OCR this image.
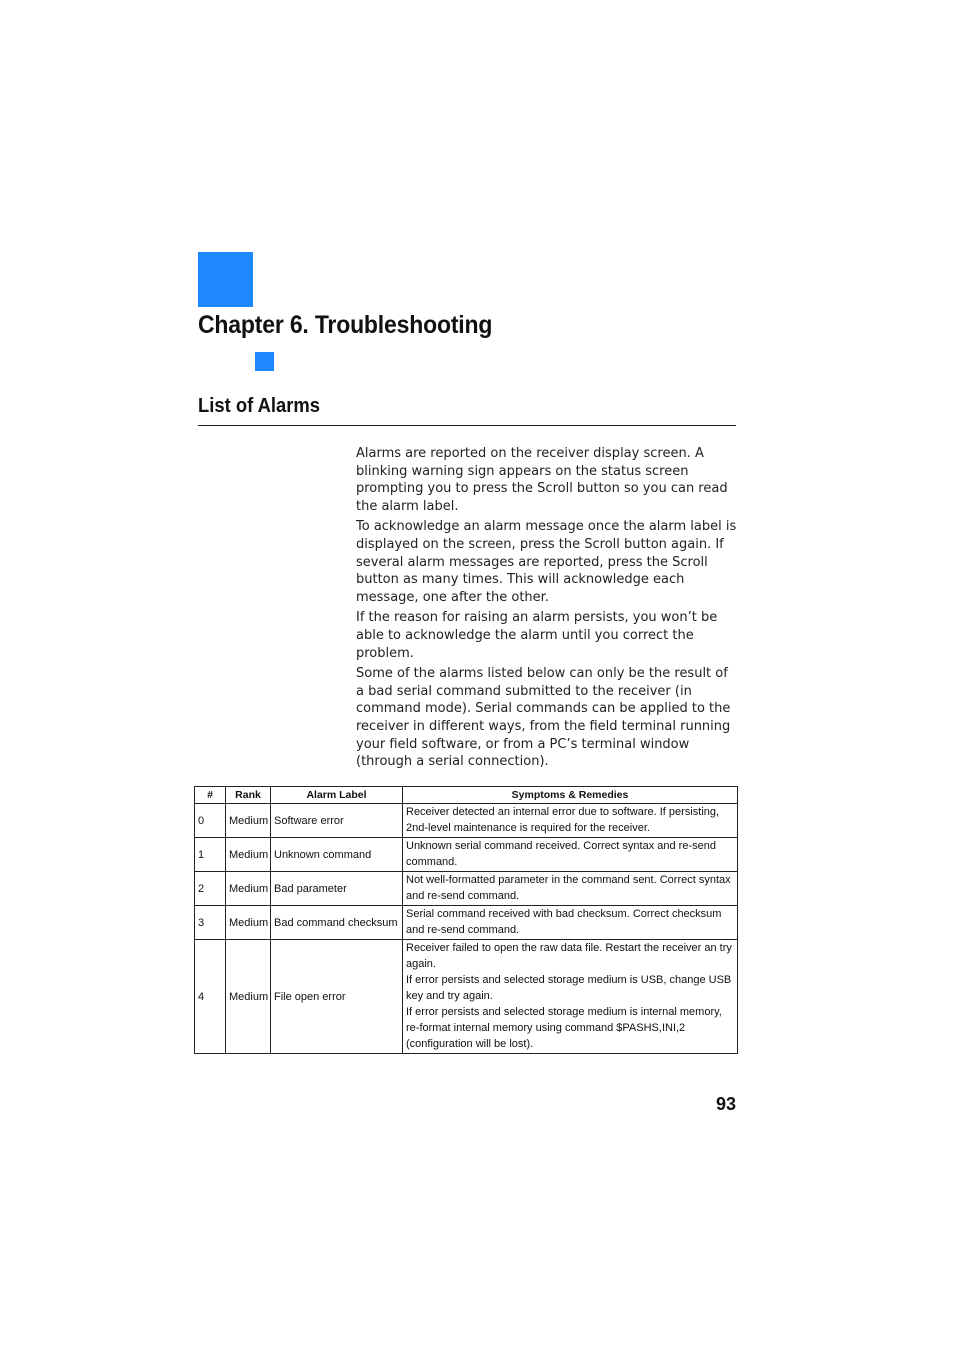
Chapter 6. Troubleshooting
List of Alarms

Alarms are reported on the receiver display screen. A blinking warning sign appears on the status screen prompting you to press the Scroll button so you can read the alarm label.

To acknowledge an alarm message once the alarm label is displayed on the screen, press the Scroll button again. If several alarm messages are reported, press the Scroll button as many times. This will acknowledge each message, one after the other.

If the reason for raising an alarm persists, you won’t be able to acknowledge the alarm until you correct the problem.

Some of the alarms listed below can only be the result of a bad serial command submitted to the receiver (in command mode). Serial commands can be applied to the receiver in different ways, from the field terminal running your field software, or from a PC’s terminal window (through a serial connection).

#	Rank	Alarm Label	Symptoms & Remedies
0	Medium	Software error	Receiver detected an internal error due to software. If persisting, 2nd-level maintenance is required for the receiver.

1	Medium	Unknown command	Unknown serial command received. Correct syntax and re-send command.

2	Medium	Bad parameter	Not well-formatted parameter in the command sent. Correct syntax and re-send command.

3	Medium	Bad command checksum	Serial command received with bad checksum. Correct checksum and re-send command.

4	Medium	File open error	Receiver failed to open the raw data file. Restart the receiver an try again.
If error persists and selected storage medium is USB, change USB key and try again.
If error persists and selected storage medium is internal memory, re-format internal memory using command $PASHS,INI,2 (configuration will be lost).
93
